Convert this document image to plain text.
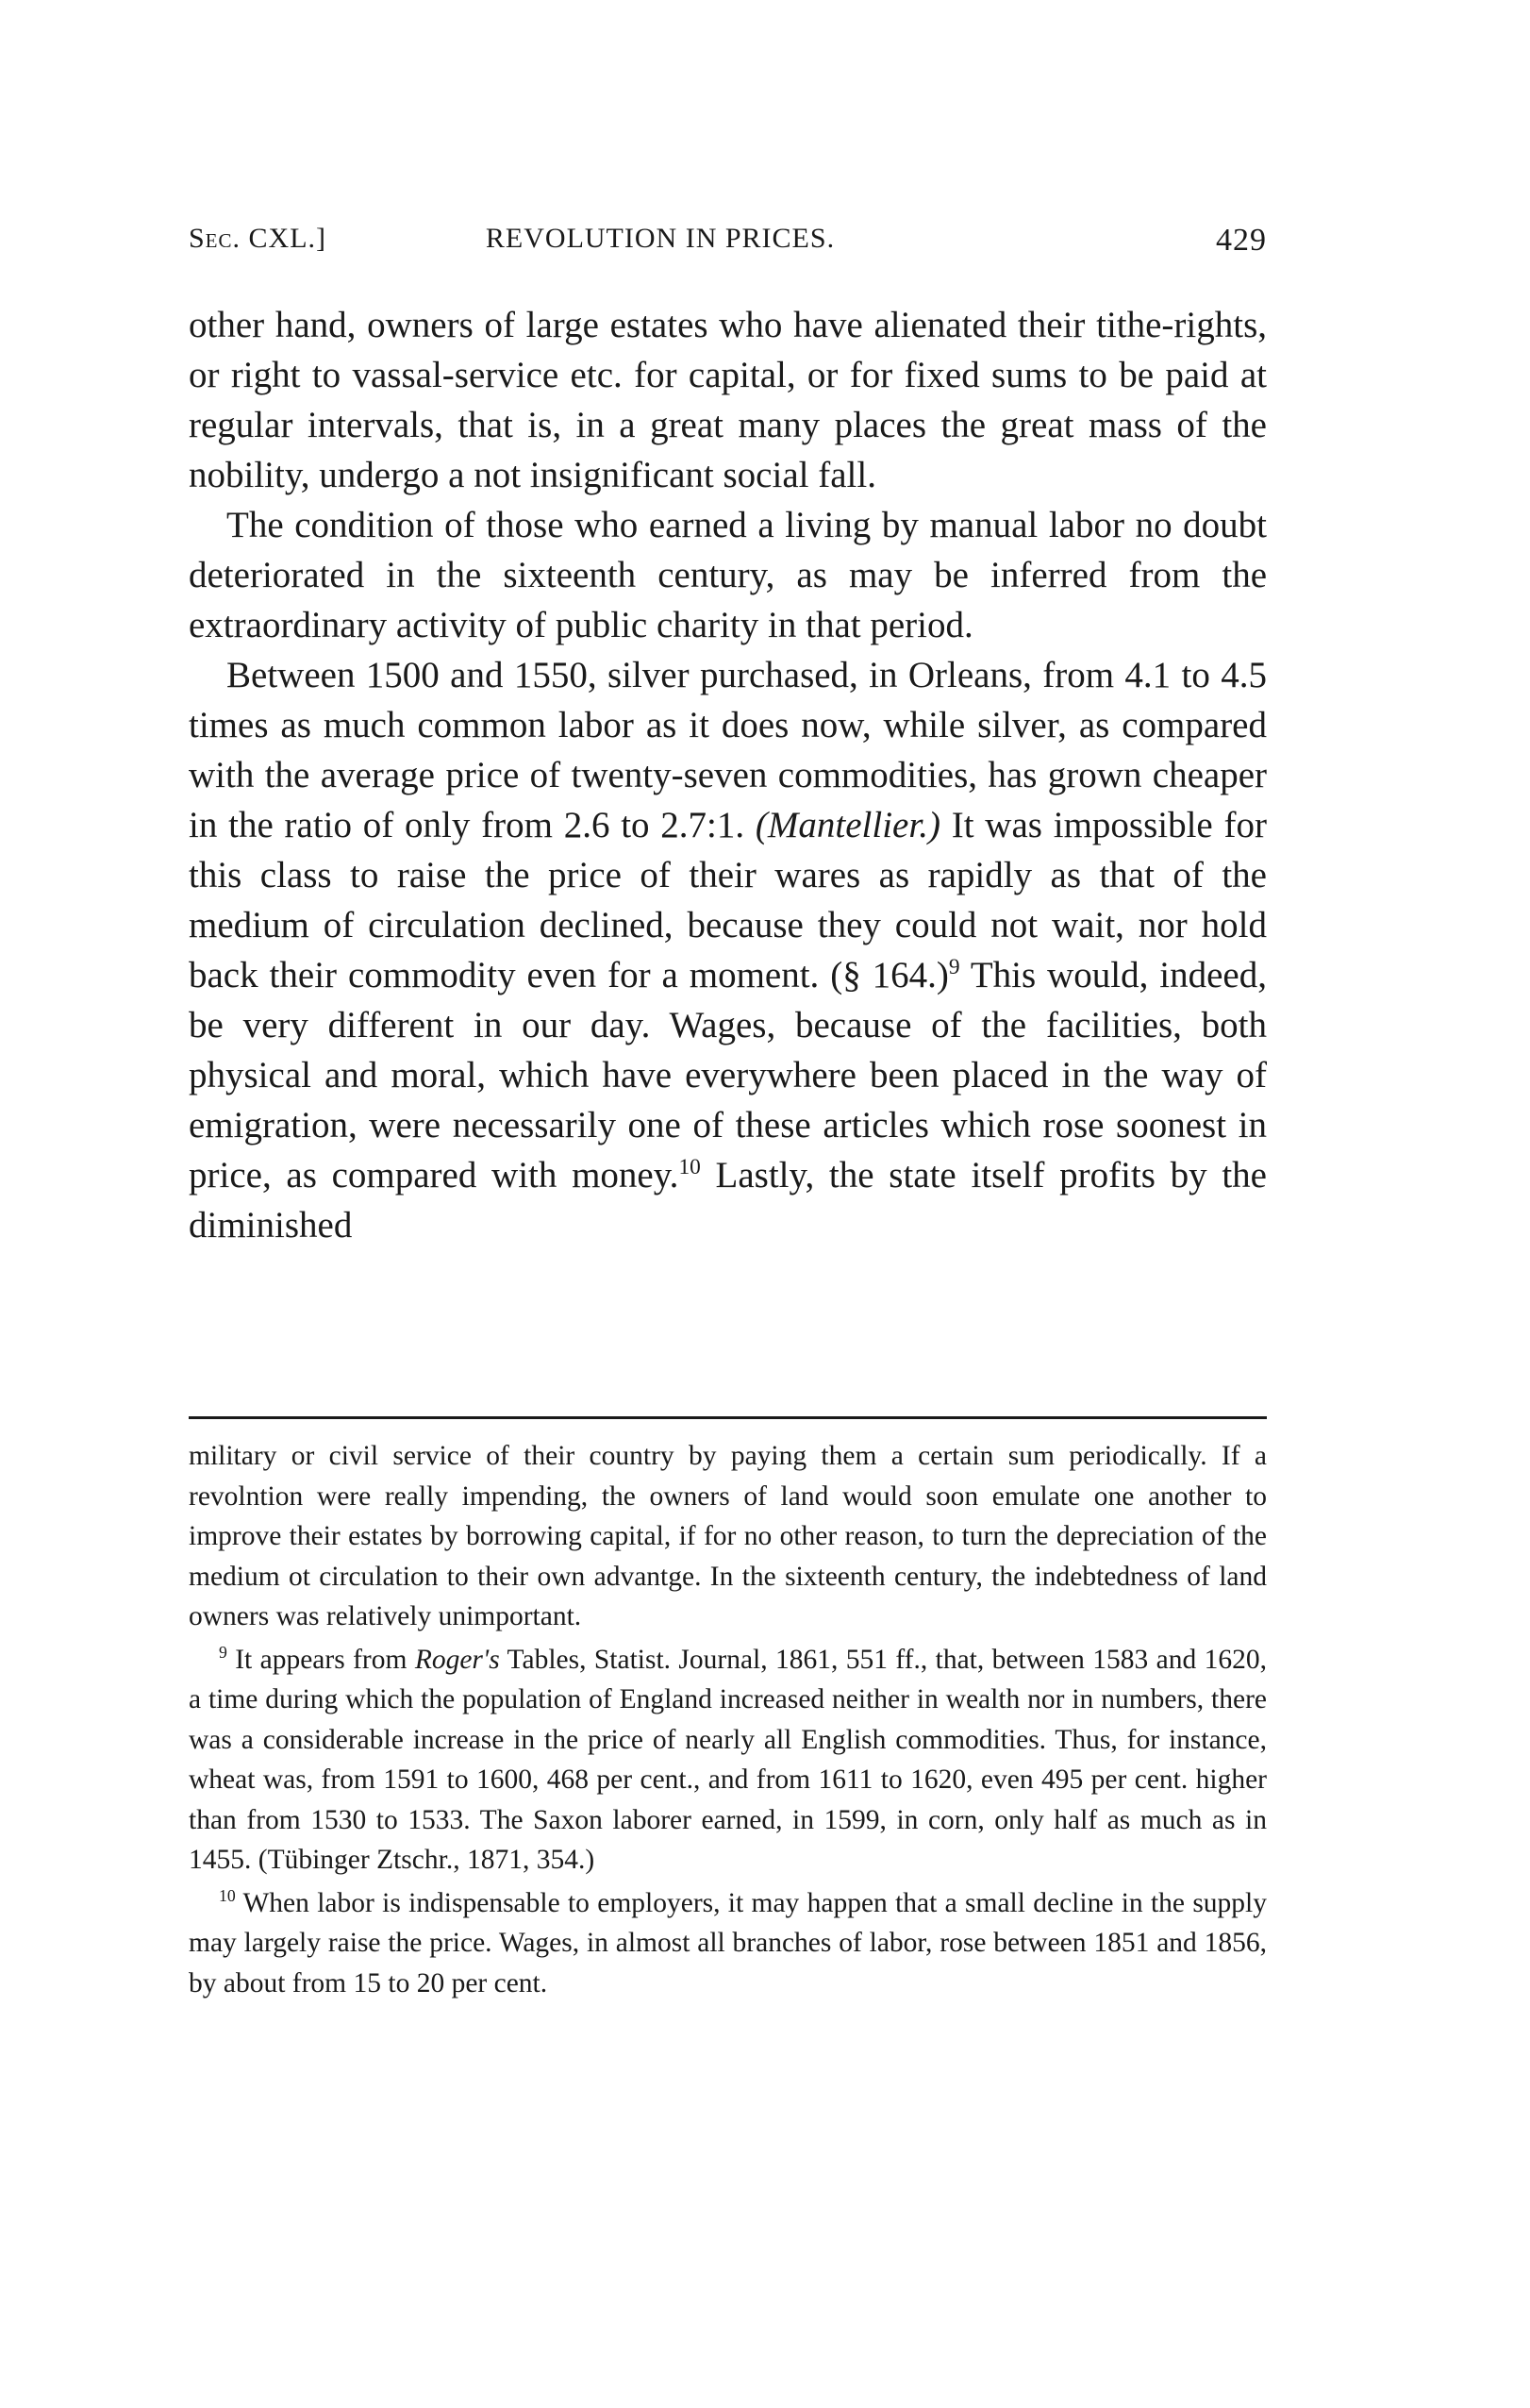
Sec. CXL.]	REVOLUTION IN PRICES.	429

other hand, owners of large estates who have alienated their tithe-rights, or right to vassal-service etc. for capital, or for fixed sums to be paid at regular intervals, that is, in a great many places the great mass of the nobility, undergo a not insignificant social fall.

The condition of those who earned a living by manual labor no doubt deteriorated in the sixteenth century, as may be inferred from the extraordinary activity of public charity in that period.

Between 1500 and 1550, silver purchased, in Orleans, from 4.1 to 4.5 times as much common labor as it does now, while silver, as compared with the average price of twenty-seven commodities, has grown cheaper in the ratio of only from 2.6 to 2.7:1. (Mantellier.) It was impossible for this class to raise the price of their wares as rapidly as that of the medium of circulation declined, because they could not wait, nor hold back their commodity even for a moment. (§ 164.)$^9$ This would, indeed, be very different in our day. Wages, because of the facilities, both physical and moral, which have everywhere been placed in the way of emigration, were necessarily one of these articles which rose soonest in price, as compared with money.$^{10}$ Lastly, the state itself profits by the diminished

military or civil service of their country by paying them a certain sum periodically. If a revolntion were really impending, the owners of land would soon emulate one another to improve their estates by borrowing capital, if for no other reason, to turn the depreciation of the medium ot circulation to their own advantge. In the sixteenth century, the indebtedness of land owners was relatively unimportant.

$^9$ It appears from Roger's Tables, Statist. Journal, 1861, 551 ff., that, between 1583 and 1620, a time during which the population of England increased neither in wealth nor in numbers, there was a considerable increase in the price of nearly all English commodities. Thus, for instance, wheat was, from 1591 to 1600, 468 per cent., and from 1611 to 1620, even 495 per cent. higher than from 1530 to 1533. The Saxon laborer earned, in 1599, in corn, only half as much as in 1455. (Tübinger Ztschr., 1871, 354.)

$^{10}$ When labor is indispensable to employers, it may happen that a small decline in the supply may largely raise the price. Wages, in almost all branches of labor, rose between 1851 and 1856, by about from 15 to 20 per cent.
